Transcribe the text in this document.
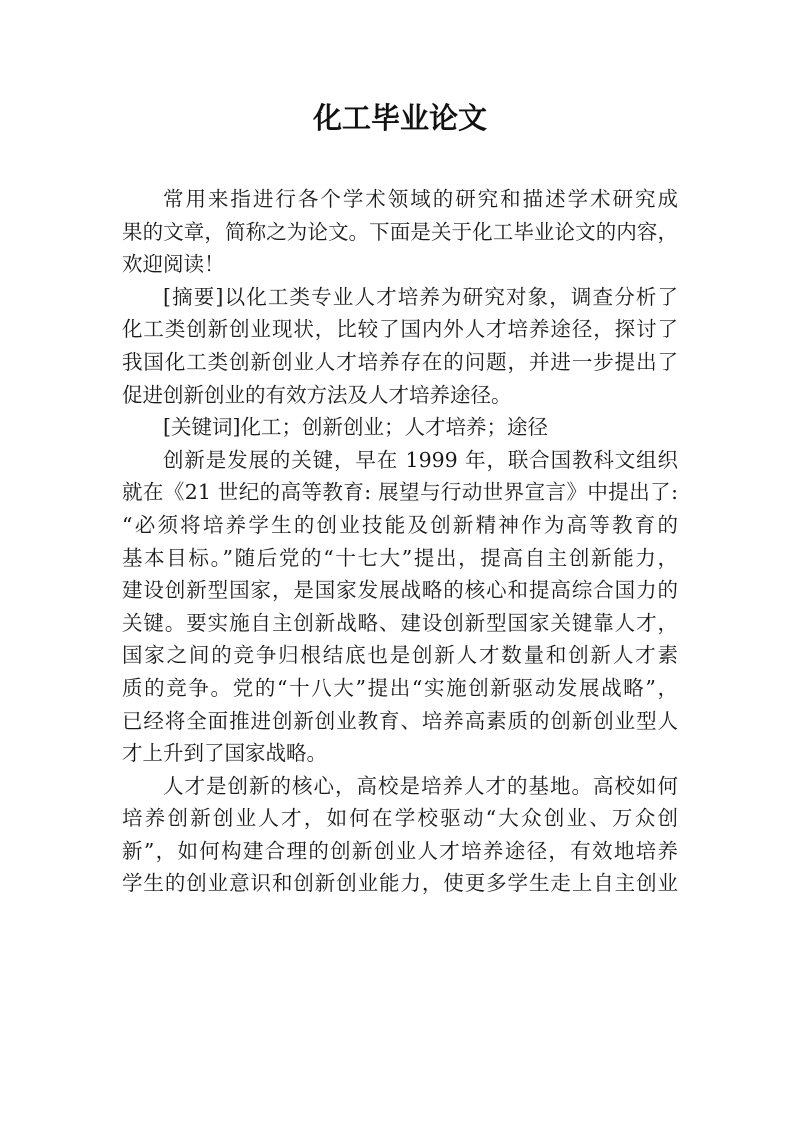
化工毕业论文
常用来指进行各个学术领域的研究和描述学术研究成
果的文章，简称之为论文。下面是关于化工毕业论文的内容，
欢迎阅读！
[摘要]以化工类专业人才培养为研究对象，调查分析了
化工类创新创业现状，比较了国内外人才培养途径，探讨了
我国化工类创新创业人才培养存在的问题，并进一步提出了
促进创新创业的有效方法及人才培养途径。
[关键词]化工；创新创业；人才培养；途径
创新是发展的关键，早在 1999 年，联合国教科文组织
就在《21 世纪的高等教育: 展望与行动世界宣言》中提出了:
“必须将培养学生的创业技能及创新精神作为高等教育的
基本目标。”随后党的“十七大”提出，提高自主创新能力，
建设创新型国家，是国家发展战略的核心和提高综合国力的
关键。要实施自主创新战略、建设创新型国家关键靠人才，
国家之间的竞争归根结底也是创新人才数量和创新人才素
质的竞争。党的“十八大”提出“实施创新驱动发展战略”，
已经将全面推进创新创业教育、培养高素质的创新创业型人
才上升到了国家战略。
人才是创新的核心，高校是培养人才的基地。高校如何
培养创新创业人才，如何在学校驱动“大众创业、万众创
新”，如何构建合理的创新创业人才培养途径，有效地培养
学生的创业意识和创新创业能力，使更多学生走上自主创业
